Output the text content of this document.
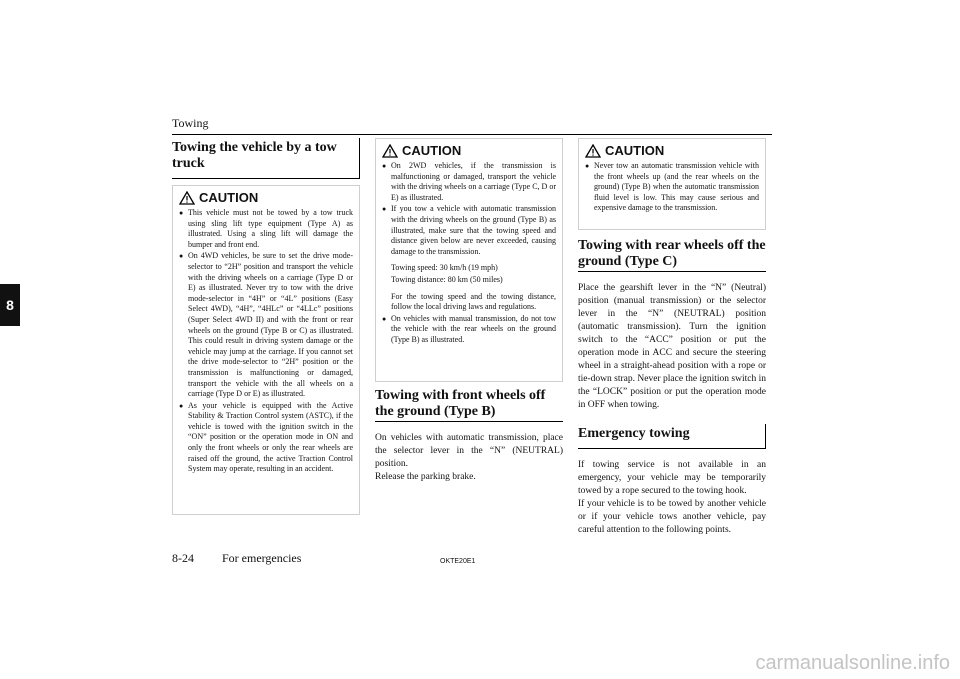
Towing
8
Towing the vehicle by a tow truck
CAUTION
● This vehicle must not be towed by a tow truck using sling lift type equipment (Type A) as illustrated. Using a sling lift will damage the bumper and front end.
● On 4WD vehicles, be sure to set the drive mode-selector to “2H” position and transport the vehicle with the driving wheels on a carriage (Type D or E) as illustrated. Never try to tow with the drive mode-selector in “4H” or “4L” positions (Easy Select 4WD), “4H”, “4HLc” or “4LLc” positions (Super Select 4WD II) and with the front or rear wheels on the ground (Type B or C) as illustrated. This could result in driving system damage or the vehicle may jump at the carriage. If you cannot set the drive mode-selector to “2H” position or the transmission is malfunctioning or damaged, transport the vehicle with the all wheels on a carriage (Type D or E) as illustrated.
● As your vehicle is equipped with the Active Stability & Traction Control system (ASTC), if the vehicle is towed with the ignition switch in the “ON” position or the operation mode in ON and only the front wheels or only the rear wheels are raised off the ground, the active Traction Control System may operate, resulting in an accident.
CAUTION
● On 2WD vehicles, if the transmission is malfunctioning or damaged, transport the vehicle with the driving wheels on a carriage (Type C, D or E) as illustrated.
● If you tow a vehicle with automatic transmission with the driving wheels on the ground (Type B) as illustrated, make sure that the towing speed and distance given below are never exceeded, causing damage to the transmission.
Towing speed: 30 km/h (19 mph)
Towing distance: 80 km (50 miles)
For the towing speed and the towing distance, follow the local driving laws and regulations.
● On vehicles with manual transmission, do not tow the vehicle with the rear wheels on the ground (Type B) as illustrated.
Towing with front wheels off the ground (Type B)

On vehicles with automatic transmission, place the selector lever in the “N” (NEUTRAL) position.

Release the parking brake.

CAUTION
● Never tow an automatic transmission vehicle with the front wheels up (and the rear wheels on the ground) (Type B) when the automatic transmission fluid level is low. This may cause serious and expensive damage to the transmission.
Towing with rear wheels off the ground (Type C)

Place the gearshift lever in the “N” (Neutral) position (manual transmission) or the selector lever in the “N” (NEUTRAL) position (automatic transmission). Turn the ignition switch to the “ACC” position or put the operation mode in ACC and secure the steering wheel in a straight-ahead position with a rope or tie-down strap. Never place the ignition switch in the “LOCK” position or put the operation mode in OFF when towing.

Emergency towing

If towing service is not available in an emergency, your vehicle may be temporarily towed by a rope secured to the towing hook.

If your vehicle is to be towed by another vehicle or if your vehicle tows another vehicle, pay careful attention to the following points.

8-24 For emergencies	OKTE20E1
carmanualsonline.info
